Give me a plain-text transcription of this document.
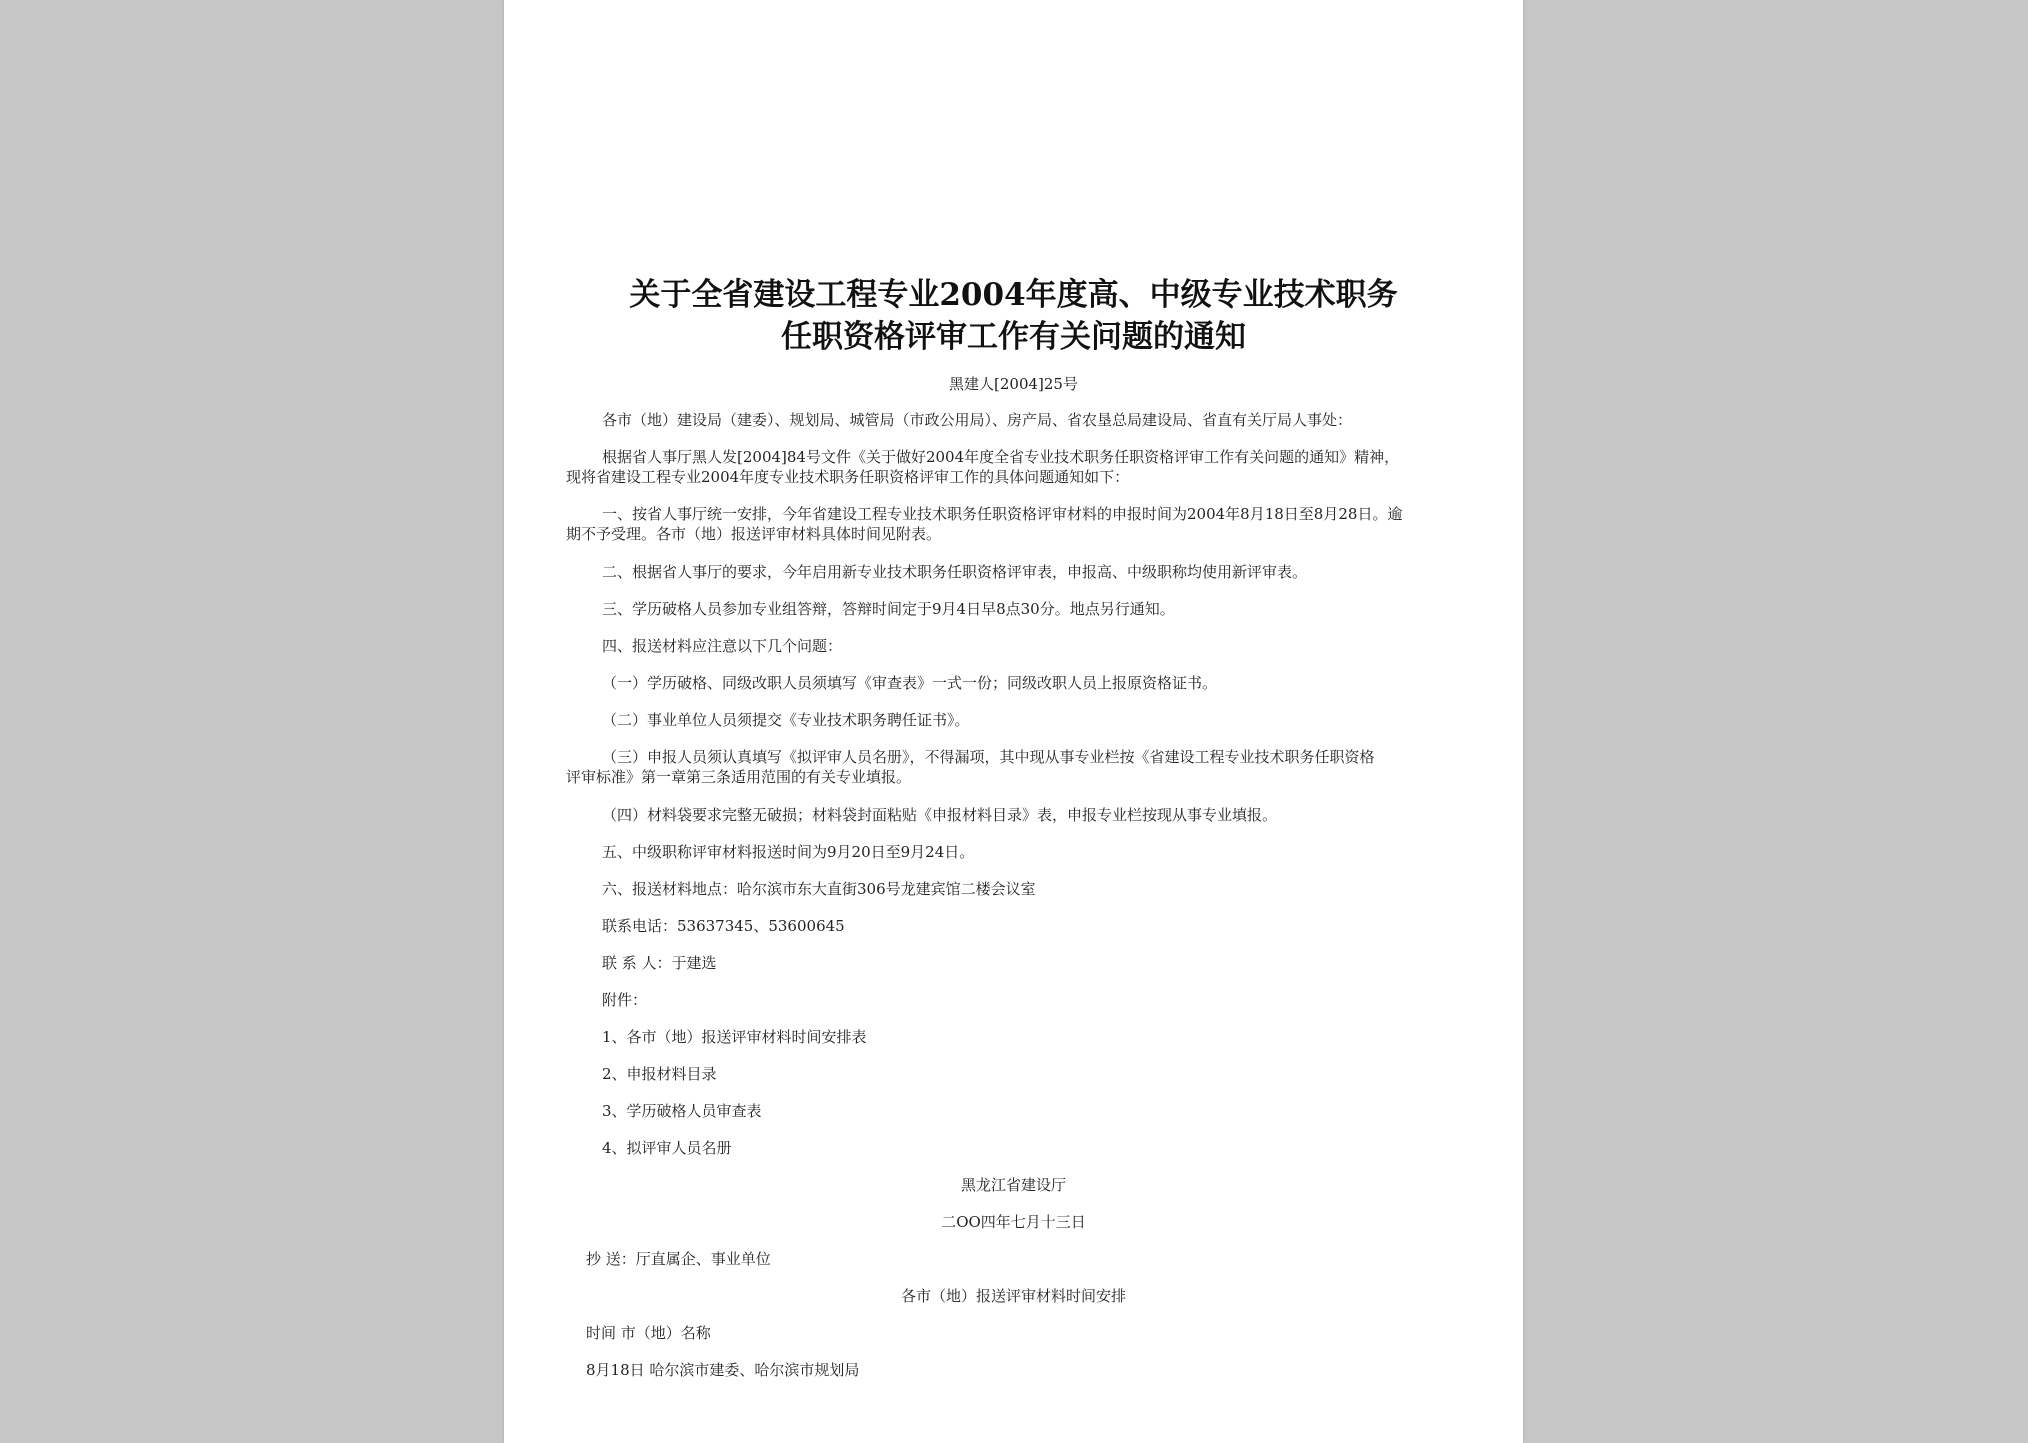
关于全省建设工程专业2004年度高、中级专业技术职务
任职资格评审工作有关问题的通知
黑建人[2004]25号
各市（地）建设局（建委）、规划局、城管局（市政公用局）、房产局、省农垦总局建设局、省直有关厅局人事处：
根据省人事厅黑人发[2004]84号文件《关于做好2004年度全省专业技术职务任职资格评审工作有关问题的通知》精神，
现将省建设工程专业2004年度专业技术职务任职资格评审工作的具体问题通知如下：
一、按省人事厅统一安排，今年省建设工程专业技术职务任职资格评审材料的申报时间为2004年8月18日至8月28日。逾
期不予受理。各市（地）报送评审材料具体时间见附表。
二、根据省人事厅的要求，今年启用新专业技术职务任职资格评审表，申报高、中级职称均使用新评审表。
三、学历破格人员参加专业组答辩，答辩时间定于9月4日早8点30分。地点另行通知。
四、报送材料应注意以下几个问题：
（一）学历破格、同级改职人员须填写《审查表》一式一份；同级改职人员上报原资格证书。
（二）事业单位人员须提交《专业技术职务聘任证书》。
（三）申报人员须认真填写《拟评审人员名册》，不得漏项，其中现从事专业栏按《省建设工程专业技术职务任职资格
评审标准》第一章第三条适用范围的有关专业填报。
（四）材料袋要求完整无破损；材料袋封面粘贴《申报材料目录》表，申报专业栏按现从事专业填报。
五、中级职称评审材料报送时间为9月20日至9月24日。
六、报送材料地点：哈尔滨市东大直街306号龙建宾馆二楼会议室
联系电话：53637345、53600645
联 系 人：于建选
附件：
1、各市（地）报送评审材料时间安排表
2、申报材料目录
3、学历破格人员审查表
4、拟评审人员名册
黑龙江省建设厅
二OO四年七月十三日
抄 送：厅直属企、事业单位
各市（地）报送评审材料时间安排
时间 市（地）名称
8月18日 哈尔滨市建委、哈尔滨市规划局
